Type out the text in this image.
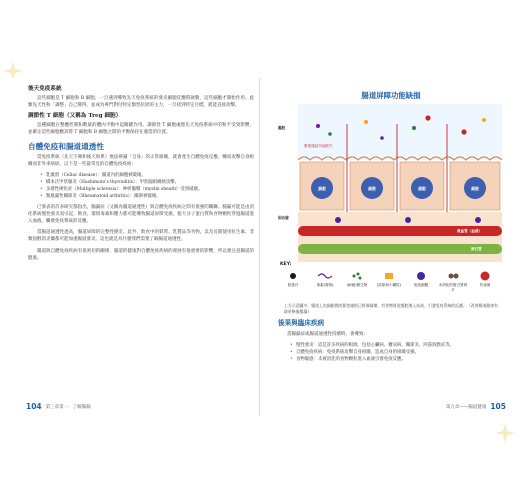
後天免疫系統

這些細胞是 T 細胞和 B 細胞，一旦遇到導致先天免疫系統的發炎細胞反應時啟動，這些細胞才開始作用。此類先天性和「調整」自己變得，並成為專門對付特定類型抗原的主力，一旦找到特定目標，就能直接攻擊。

調節性 T 細胞（又稱為 Treg 細胞）

這種細胞在整體控制和數量的體內平衡中起關鍵作用。調節性 T 細胞處理先天免疫系統中的和平受到影響，並確定這些細胞應該將 T 細胞和 B 細胞之間的平衡保持在適當的位置。

自體免疫和腸道通透性

當免疫系統（先天守衛和後天和系）無法辨識「自身」的正常組織，就會產生自體免疫反應，轉而攻擊自身組織而非外來病原。以下是一些最常見的自體免疫疾病：

• 乳糜瀉（Celiac disease）：腸道內的細胞被破壞。
• 橋本氏甲狀腺炎（Hashimoto's thyroiditis）：甲狀腺組織被攻擊。
• 多發性硬化症（Multiple sclerosis）：神經髓鞘（myelin sheath）受到破壞。
• 類風濕性關節炎（Rheumatoid arthritis）：關節被破壞。

已發表的許多研究都指出，腸漏症（又稱為腸道通透性）與自體免疫疾病之間有很強的關聯。腸漏可能是由消化系統慢性發炎而引起，飲食、環境毒素和壓力都可能導致腸道屏障受損，使大分子蛋白質和食物顆粒穿過腸道進入血液，觸發免疫系統的反應。

當腸道通透性過高，腸道屏障的完整性變差。此外，飲食中的麩質、乳製品等食物，以及長期使用抗生素、非類固醇消炎藥都可能加重腸道發炎。這也就是為什麼我們需要了解腸道通透性。

腸道與自體免疫疾病有很密切的關係，腸道的健康對自體免疫疾病的發展有很重要的影響，所以要注意腸道的健康。

104 第三章第一．了解腸漏
腸道屏障功能缺損
腸腔
緊密連結功能缺失
細胞	細胞	細胞	細胞
固有層
微血管（血液）
淋巴管
KEY:
原蛋白	毒素(毒物)	(病菌)微生物	(抗原和小顆粒)	免疫細胞	未消化的蛋白質碎片
有害菌

上方示意圖中，腸道上皮細胞間的緊密連結已經被破壞，有害物質從腸腔進入血液，引發免疫系統的反應。（改善腸道健康有助於修復腸漏）

後果與臨床疾病

當腸漏症或腸道通透性持續時，會導致：

• 慢性發炎：這是許多疾病的根源，包括心臟病、糖尿病、關節炎、阿茲海默症等。
• 自體免疫疾病：免疫系統攻擊自身組織，造成自身的組織受損。
• 食物敏感：未被消化的食物顆粒進入血液引發免疫反應。
第九章——腸道健康 105
